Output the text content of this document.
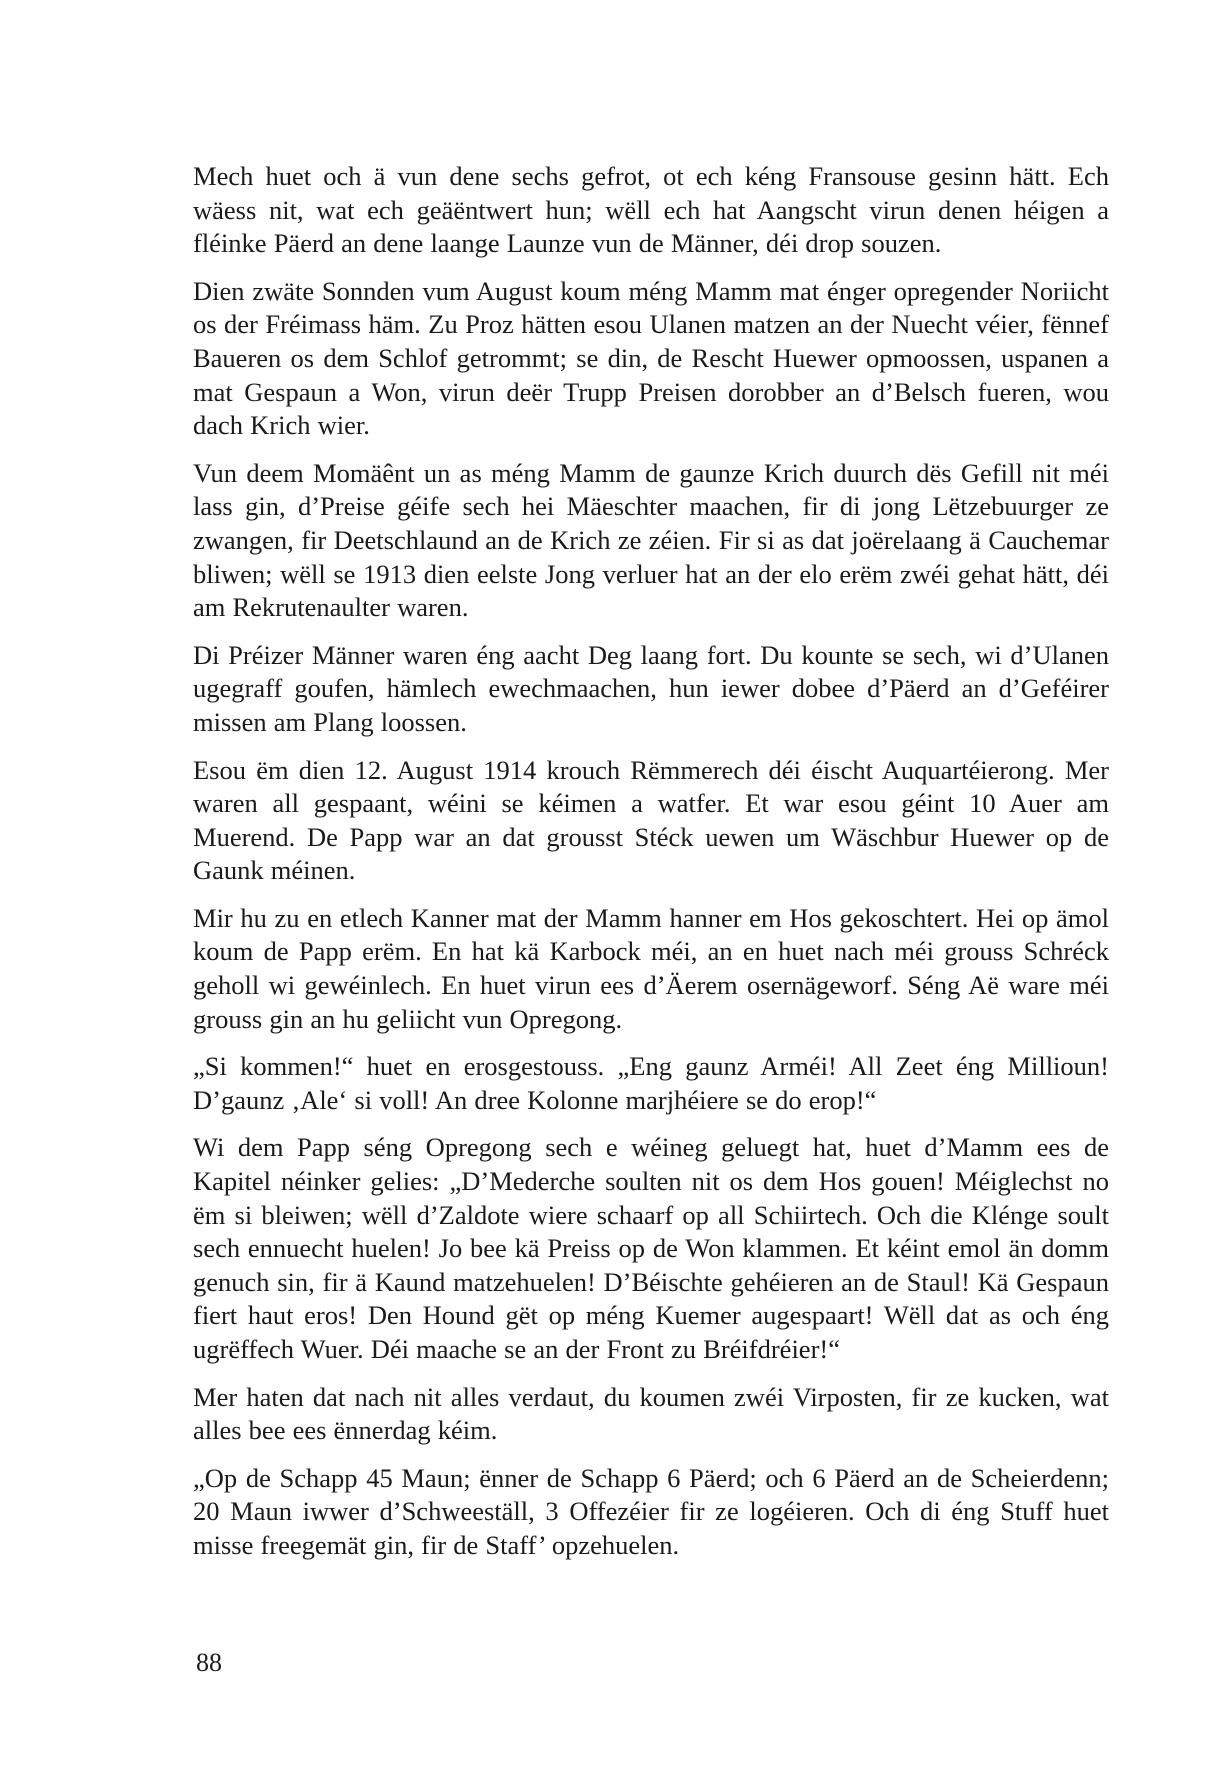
Mech huet och ä vun dene sechs gefrot, ot ech kéng Fransouse gesinn hätt. Ech wäess nit, wat ech geäëntwert hun; wëll ech hat Aangscht virun denen héigen a fléinke Päerd an dene laange Launze vun de Männer, déi drop souzen.

Dien zwäte Sonnden vum August koum méng Mamm mat énger opregender Noriicht os der Fréimass häm. Zu Proz hätten esou Ulanen matzen an der Nuecht véier, fënnef Baueren os dem Schlof getrommt; se din, de Rescht Huewer opmoossen, uspanen a mat Gespaun a Won, virun deër Trupp Preisen dorobber an d’Belsch fueren, wou dach Krich wier.

Vun deem Momäênt un as méng Mamm de gaunze Krich duurch dës Gefill nit méi lass gin, d’Preise géife sech hei Mäeschter maachen, fir di jong Lëtzebuurger ze zwangen, fir Deetschlaund an de Krich ze zéien. Fir si as dat joërelaang ä Cauchemar bliwen; wëll se 1913 dien eelste Jong verluer hat an der elo erëm zwéi gehat hätt, déi am Rekrutenaulter waren.

Di Préizer Männer waren éng aacht Deg laang fort. Du kounte se sech, wi d’Ulanen ugegraff goufen, hämlech ewechmaachen, hun iewer dobee d’Päerd an d’Geféirer missen am Plang loossen.

Esou ëm dien 12. August 1914 krouch Rëmmerech déi éischt Auquartéierong. Mer waren all gespaant, wéini se kéimen a watfer. Et war esou géint 10 Auer am Muerend. De Papp war an dat grousst Stéck uewen um Wäschbur Huewer op de Gaunk méinen.

Mir hu zu en etlech Kanner mat der Mamm hanner em Hos gekoschtert. Hei op ämol koum de Papp erëm. En hat kä Karbock méi, an en huet nach méi grouss Schréck geholl wi gewéinlech. En huet virun ees d’Äerem osernägeworf. Séng Aë ware méi grouss gin an hu geliicht vun Opregong.

„Si kommen!“ huet en erosgestouss. „Eng gaunz Arméi! All Zeet éng Millioun! D’gaunz ‚Ale‘ si voll! An dree Kolonne marjhéiere se do erop!“

Wi dem Papp séng Opregong sech e wéineg geluegt hat, huet d’Mamm ees de Kapitel néinker gelies: „D’Mederche soulten nit os dem Hos gouen! Méiglechst no ëm si bleiwen; wëll d’Zaldote wiere schaarf op all Schiirtech. Och die Klénge soult sech ennuecht huelen! Jo bee kä Preiss op de Won klammen. Et kéint emol än domm genuch sin, fir ä Kaund matzehuelen! D’Béischte gehéieren an de Staul! Kä Gespaun fiert haut eros! Den Hound gët op méng Kuemer augespaart! Wëll dat as och éng ugrëffech Wuer. Déi maache se an der Front zu Bréifdréier!“

Mer haten dat nach nit alles verdaut, du koumen zwéi Virposten, fir ze kucken, wat alles bee ees ënnerdag kéim.

„Op de Schapp 45 Maun; ënner de Schapp 6 Päerd; och 6 Päerd an de Scheierdenn; 20 Maun iwwer d’Schweeställ, 3 Offezéier fir ze logéieren. Och di éng Stuff huet misse freegemät gin, fir de Staff’ opzehuelen.

88
